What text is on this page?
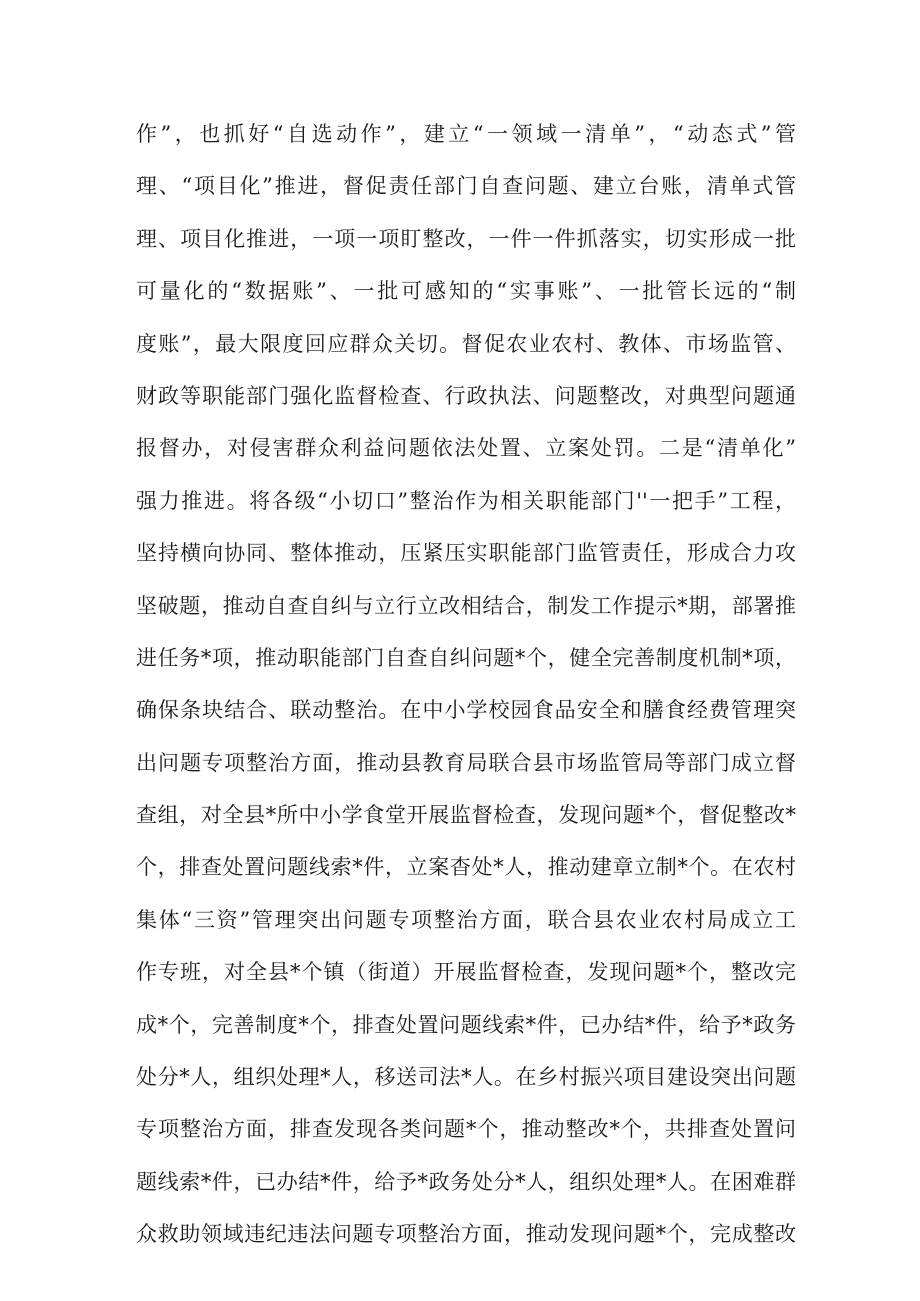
作”，也抓好“自选动作”，建立“一领域一清单”，“动态式”管
理、“项目化”推进，督促责任部门自查问题、建立台账，清单式管
理、项目化推进，一项一项盯整改，一件一件抓落实，切实形成一批
可量化的“数据账”、一批可感知的“实事账”、一批管长远的“制
度账”，最大限度回应群众关切。督促农业农村、教体、市场监管、
财政等职能部门强化监督检查、行政执法、问题整改，对典型问题通
报督办，对侵害群众利益问题依法处置、立案处罚。二是“清单化”
强力推进。将各级“小切口”整治作为相关职能部门''一把手”工程，
坚持横向协同、整体推动，压紧压实职能部门监管责任，形成合力攻
坚破题，推动自查自纠与立行立改相结合，制发工作提示*期，部署推
进任务*项，推动职能部门自查自纠问题*个，健全完善制度机制*项，
确保条块结合、联动整治。在中小学校园食品安全和膳食经费管理突
出问题专项整治方面，推动县教育局联合县市场监管局等部门成立督
查组，对全县*所中小学食堂开展监督检查，发现问题*个，督促整改*
个，排查处置问题线索*件，立案杳处*人，推动建章立制*个。在农村
集体“三资”管理突出问题专项整治方面，联合县农业农村局成立工
作专班，对全县*个镇（街道）开展监督检查，发现问题*个，整改完
成*个，完善制度*个，排查处置问题线索*件，已办结*件，给予*政务
处分*人，组织处理*人，移送司法*人。在乡村振兴项目建设突出问题
专项整治方面，排查发现各类问题*个，推动整改*个，共排查处置问
题线索*件，已办结*件，给予*政务处分*人，组织处理*人。在困难群
众救助领域违纪违法问题专项整治方面，推动发现问题*个，完成整改
